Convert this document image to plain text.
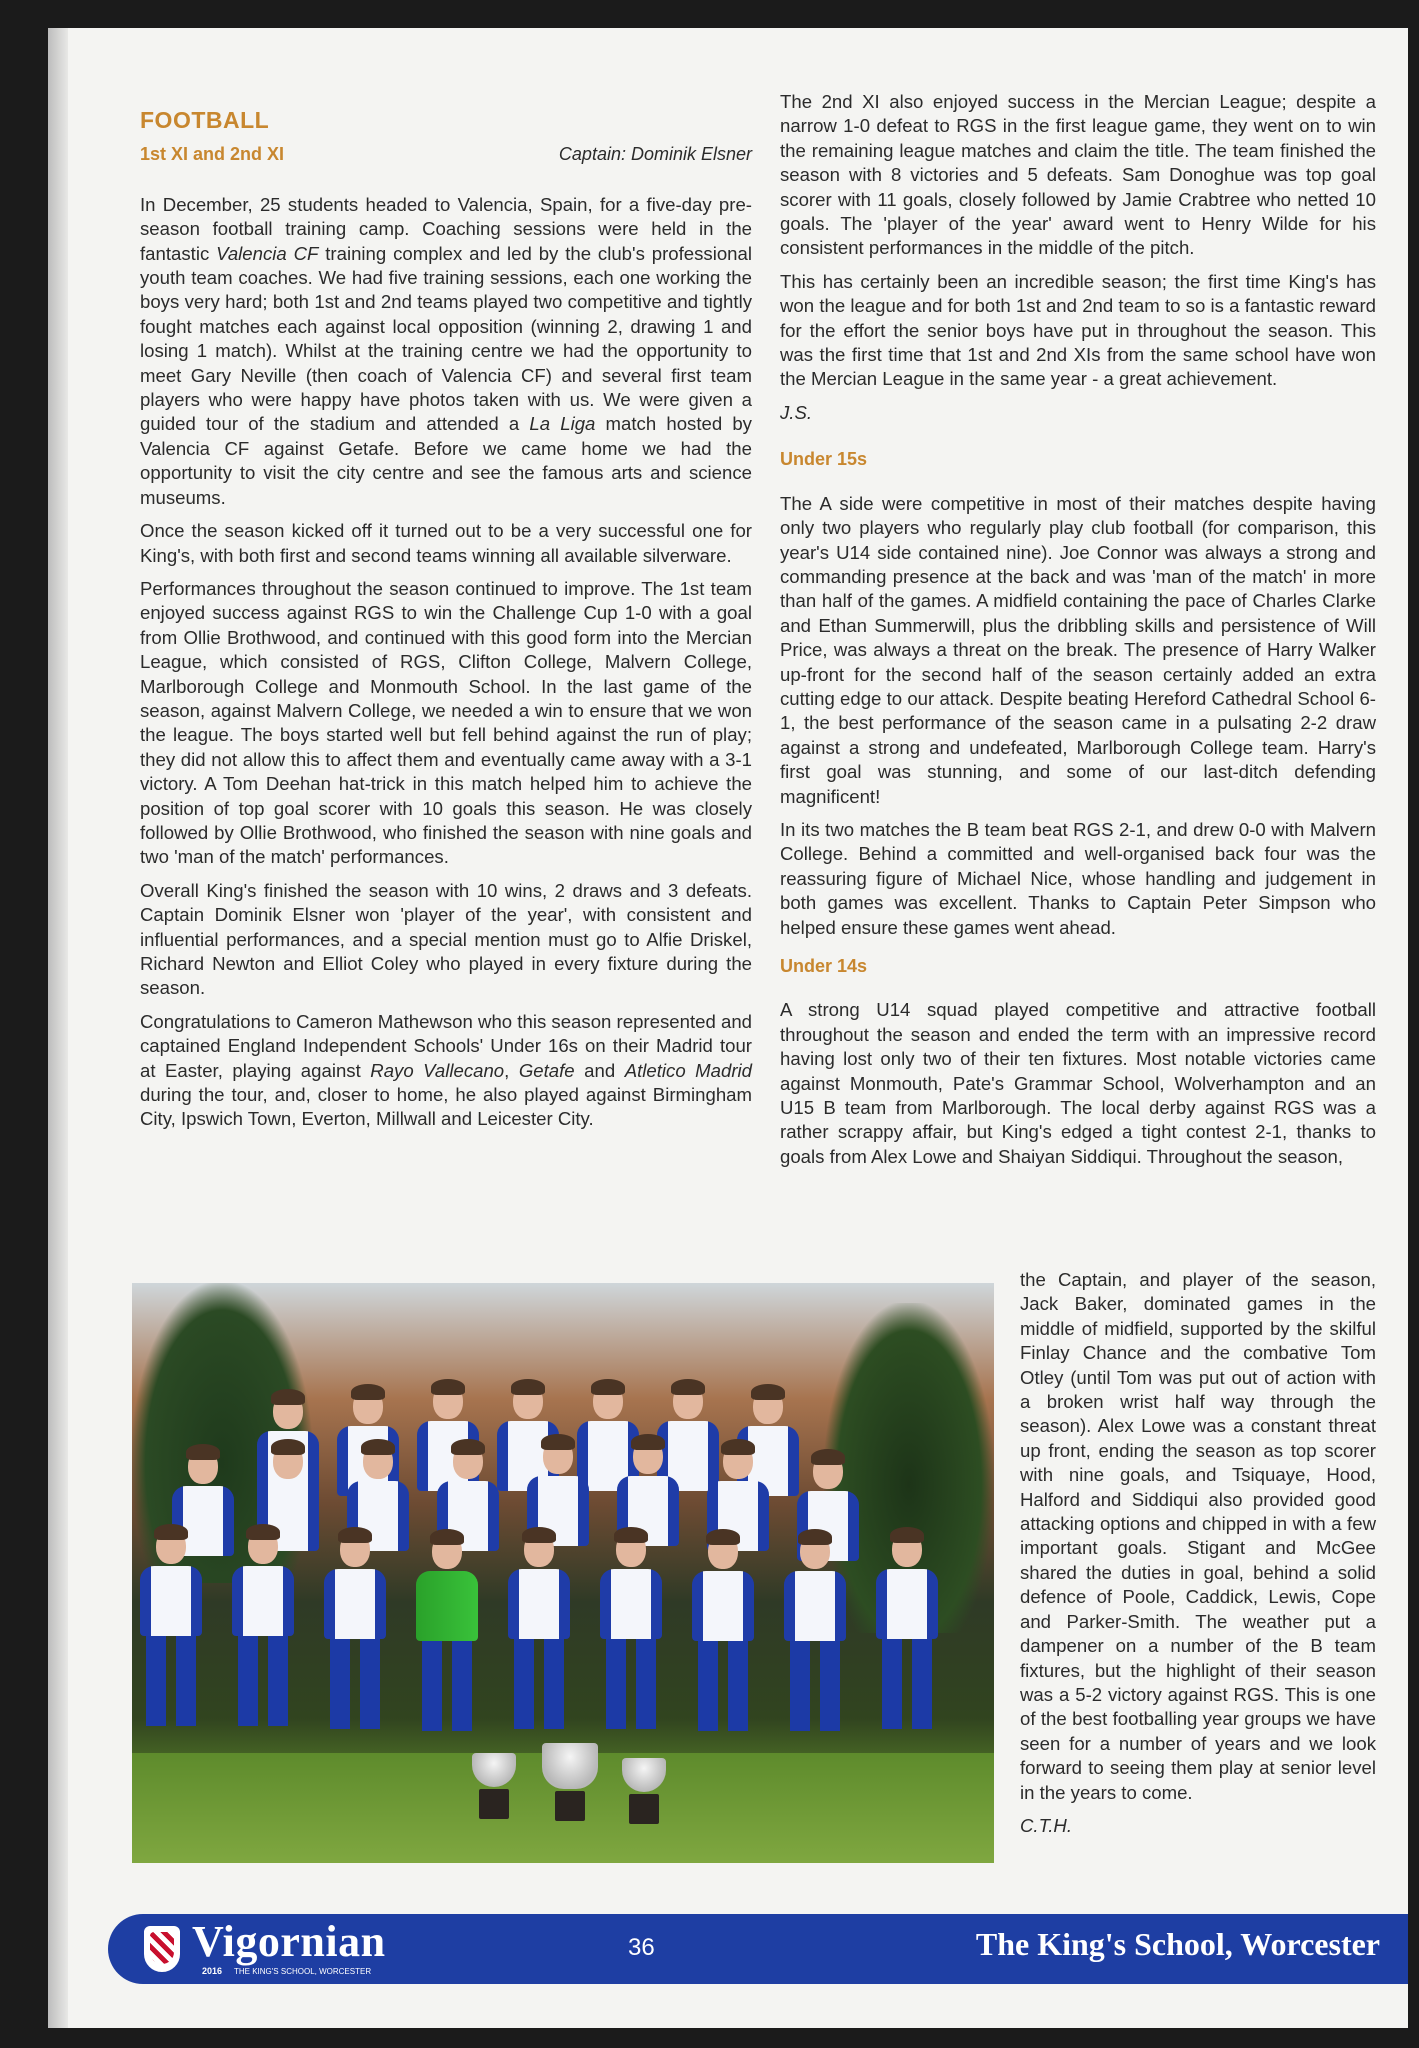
FOOTBALL
1st XI and 2nd XI	Captain: Dominik Elsner

In December, 25 students headed to Valencia, Spain, for a five-day pre-season football training camp. Coaching sessions were held in the fantastic Valencia CF training complex and led by the club's professional youth team coaches. We had five training sessions, each one working the boys very hard; both 1st and 2nd teams played two competitive and tightly fought matches each against local opposition (winning 2, drawing 1 and losing 1 match). Whilst at the training centre we had the opportunity to meet Gary Neville (then coach of Valencia CF) and several first team players who were happy have photos taken with us. We were given a guided tour of the stadium and attended a La Liga match hosted by Valencia CF against Getafe. Before we came home we had the opportunity to visit the city centre and see the famous arts and science museums.

Once the season kicked off it turned out to be a very successful one for King's, with both first and second teams winning all available silverware.

Performances throughout the season continued to improve. The 1st team enjoyed success against RGS to win the Challenge Cup 1-0 with a goal from Ollie Brothwood, and continued with this good form into the Mercian League, which consisted of RGS, Clifton College, Malvern College, Marlborough College and Monmouth School. In the last game of the season, against Malvern College, we needed a win to ensure that we won the league. The boys started well but fell behind against the run of play; they did not allow this to affect them and eventually came away with a 3-1 victory. A Tom Deehan hat-trick in this match helped him to achieve the position of top goal scorer with 10 goals this season. He was closely followed by Ollie Brothwood, who finished the season with nine goals and two 'man of the match' performances.

Overall King's finished the season with 10 wins, 2 draws and 3 defeats. Captain Dominik Elsner won 'player of the year', with consistent and influential performances, and a special mention must go to Alfie Driskel, Richard Newton and Elliot Coley who played in every fixture during the season.

Congratulations to Cameron Mathewson who this season represented and captained England Independent Schools' Under 16s on their Madrid tour at Easter, playing against Rayo Vallecano, Getafe and Atletico Madrid during the tour, and, closer to home, he also played against Birmingham City, Ipswich Town, Everton, Millwall and Leicester City.

The 2nd XI also enjoyed success in the Mercian League; despite a narrow 1-0 defeat to RGS in the first league game, they went on to win the remaining league matches and claim the title. The team finished the season with 8 victories and 5 defeats. Sam Donoghue was top goal scorer with 11 goals, closely followed by Jamie Crabtree who netted 10 goals. The 'player of the year' award went to Henry Wilde for his consistent performances in the middle of the pitch.

This has certainly been an incredible season; the first time King's has won the league and for both 1st and 2nd team to so is a fantastic reward for the effort the senior boys have put in throughout the season. This was the first time that 1st and 2nd XIs from the same school have won the Mercian League in the same year - a great achievement.

J.S.

Under 15s

The A side were competitive in most of their matches despite having only two players who regularly play club football (for comparison, this year's U14 side contained nine). Joe Connor was always a strong and commanding presence at the back and was 'man of the match' in more than half of the games. A midfield containing the pace of Charles Clarke and Ethan Summerwill, plus the dribbling skills and persistence of Will Price, was always a threat on the break. The presence of Harry Walker up-front for the second half of the season certainly added an extra cutting edge to our attack. Despite beating Hereford Cathedral School 6-1, the best performance of the season came in a pulsating 2-2 draw against a strong and undefeated, Marlborough College team. Harry's first goal was stunning, and some of our last-ditch defending magnificent!

In its two matches the B team beat RGS 2-1, and drew 0-0 with Malvern College. Behind a committed and well-organised back four was the reassuring figure of Michael Nice, whose handling and judgement in both games was excellent. Thanks to Captain Peter Simpson who helped ensure these games went ahead.

Under 14s

A strong U14 squad played competitive and attractive football throughout the season and ended the term with an impressive record having lost only two of their ten fixtures. Most notable victories came against Monmouth, Pate's Grammar School, Wolverhampton and an U15 B team from Marlborough. The local derby against RGS was a rather scrappy affair, but King's edged a tight contest 2-1, thanks to goals from Alex Lowe and Shaiyan Siddiqui. Throughout the season,

the Captain, and player of the season, Jack Baker, dominated games in the middle of midfield, supported by the skilful Finlay Chance and the combative Tom Otley (until Tom was put out of action with a broken wrist half way through the season). Alex Lowe was a constant threat up front, ending the season as top scorer with nine goals, and Tsiquaye, Hood, Halford and Siddiqui also provided good attacking options and chipped in with a few important goals. Stigant and McGee shared the duties in goal, behind a solid defence of Poole, Caddick, Lewis, Cope and Parker-Smith. The weather put a dampener on a number of the B team fixtures, but the highlight of their season was a 5-2 victory against RGS. This is one of the best footballing year groups we have seen for a number of years and we look forward to seeing them play at senior level in the years to come.

C.T.H.

Vigornian
2016 THE KING'S SCHOOL, WORCESTER
36	The King's School, Worcester
